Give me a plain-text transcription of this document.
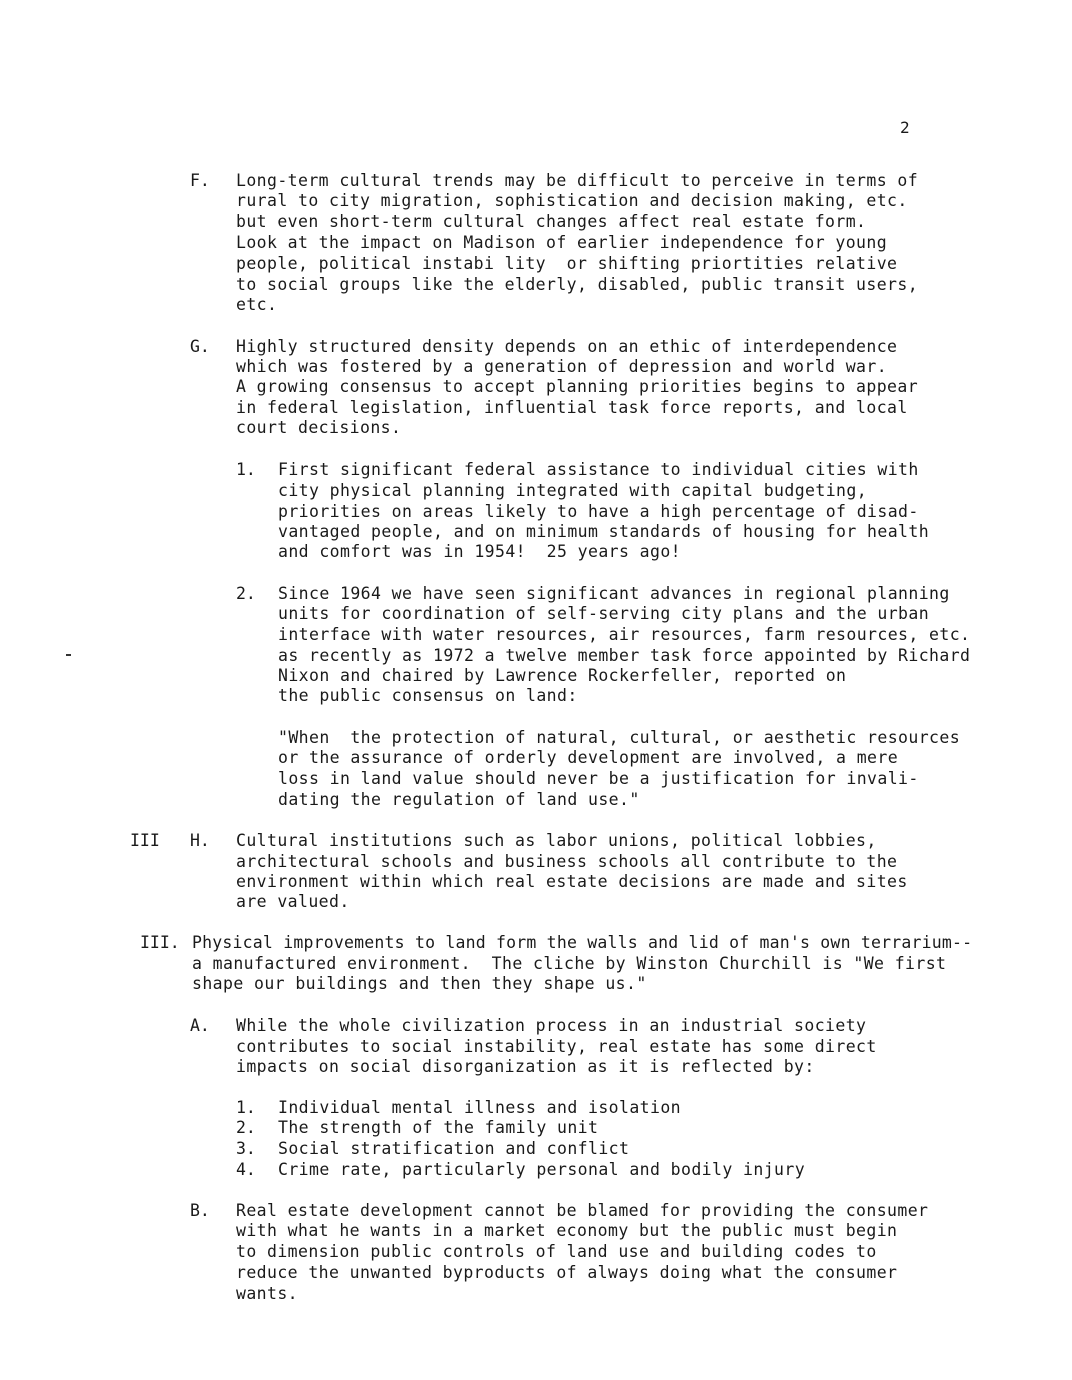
2
F. Long-term cultural trends may be difficult to perceive in terms of
rural to city migration, sophistication and decision making, etc.
but even short-term cultural changes affect real estate form.
Look at the impact on Madison of earlier independence for young
people, political instabi lity  or shifting priortities relative
to social groups like the elderly, disabled, public transit users,
etc.
G. Highly structured density depends on an ethic of interdependence
which was fostered by a generation of depression and world war.
A growing consensus to accept planning priorities begins to appear
in federal legislation, influential task force reports, and local
court decisions.
1. First significant federal assistance to individual cities with
city physical planning integrated with capital budgeting,
priorities on areas likely to have a high percentage of disad-
vantaged people, and on minimum standards of housing for health
and comfort was in 1954!  25 years ago!
2. Since 1964 we have seen significant advances in regional planning
units for coordination of self-serving city plans and the urban
interface with water resources, air resources, farm resources, etc.
as recently as 1972 a twelve member task force appointed by Richard
Nixon and chaired by Lawrence Rockerfeller, reported on
the public consensus on land:
"When  the protection of natural, cultural, or aesthetic resources
or the assurance of orderly development are involved, a mere
loss in land value should never be a justification for invali-
dating the regulation of land use."
III H. Cultural institutions such as labor unions, political lobbies,
architectural schools and business schools all contribute to the
environment within which real estate decisions are made and sites
are valued.
III. Physical improvements to land form the walls and lid of man's own terrarium--
a manufactured environment.  The cliche by Winston Churchill is "We first
shape our buildings and then they shape us."
A. While the whole civilization process in an industrial society
contributes to social instability, real estate has some direct
impacts on social disorganization as it is reflected by:
1. Individual mental illness and isolation
2. The strength of the family unit
3. Social stratification and conflict
4. Crime rate, particularly personal and bodily injury
B. Real estate development cannot be blamed for providing the consumer
with what he wants in a market economy but the public must begin
to dimension public controls of land use and building codes to
reduce the unwanted byproducts of always doing what the consumer
wants.
